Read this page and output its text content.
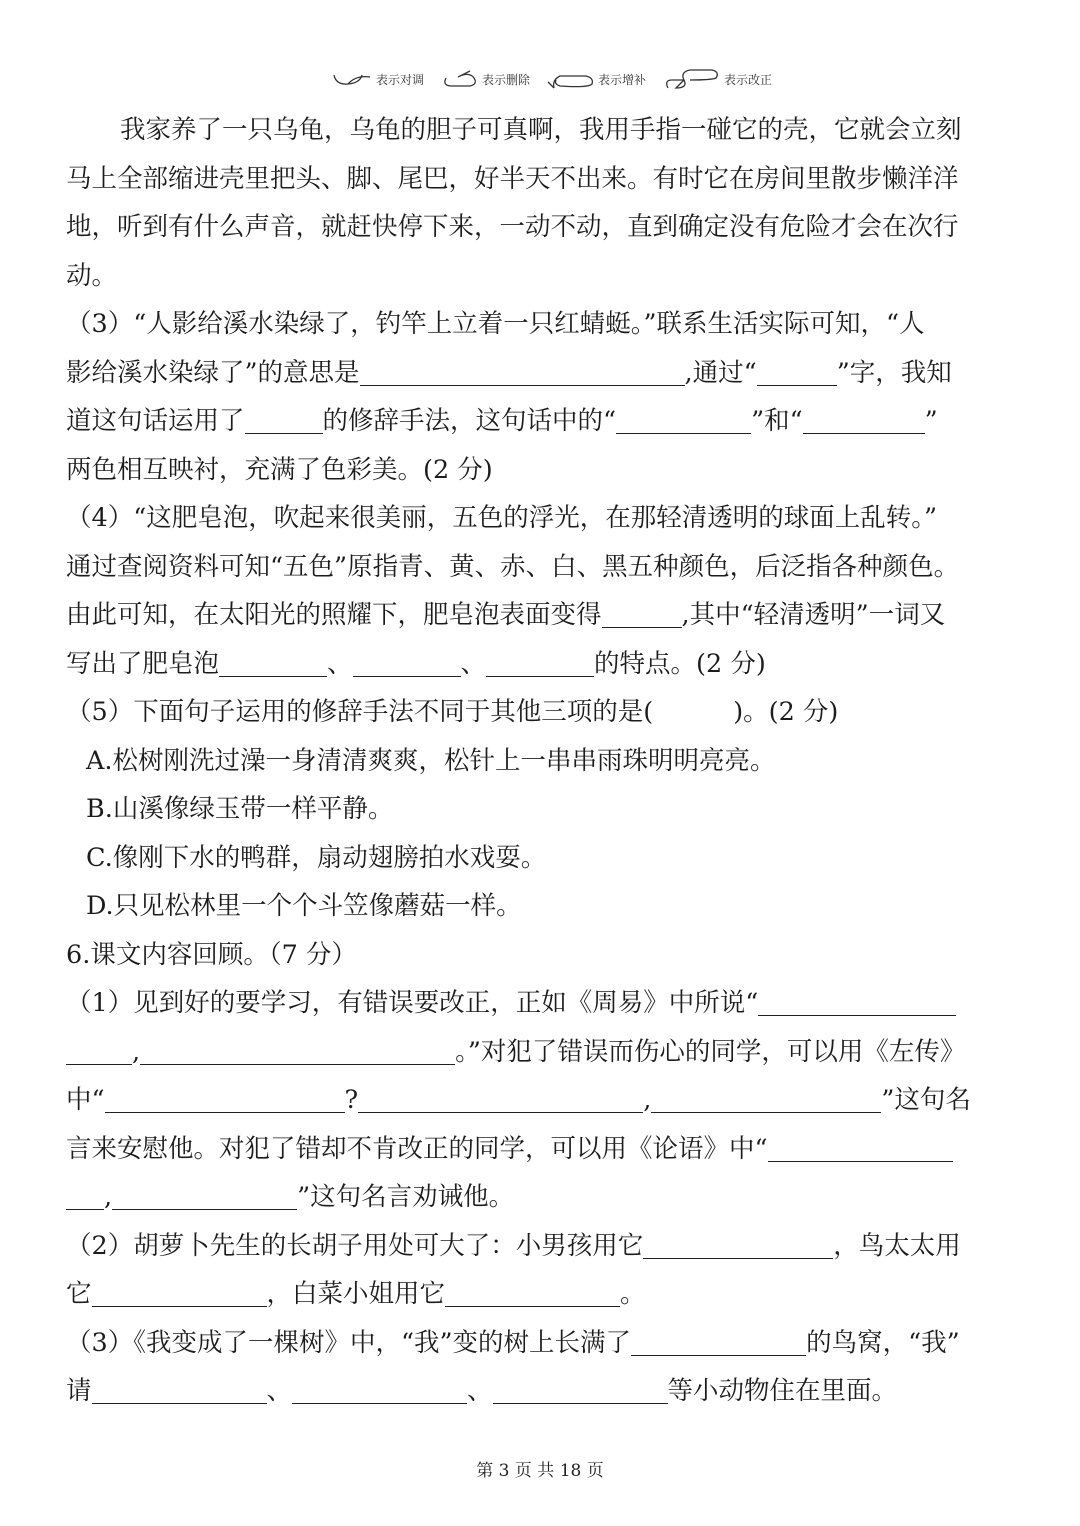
表示对调	表示删除	表示增补	表示改正
我家养了一只乌龟，乌龟的胆子可真啊，我用手指一碰它的壳，它就会立刻
马上全部缩进壳里把头、脚、尾巴，好半天不出来。有时它在房间里散步懒洋洋
地，听到有什么声音，就赶快停下来，一动不动，直到确定没有危险才会在次行
动。
（3）“人影给溪水染绿了，钓竿上立着一只红蜻蜓。”联系生活实际可知，“人
影给溪水染绿了”的意思是	,通过“	”字，我知
道这句话运用了	的修辞手法，这句话中的“	”和“	”
两色相互映衬，充满了色彩美。(2 分)
（4）“这肥皂泡，吹起来很美丽，五色的浮光，在那轻清透明的球面上乱转。”
通过查阅资料可知“五色”原指青、黄、赤、白、黑五种颜色，后泛指各种颜色。
由此可知，在太阳光的照耀下，肥皂泡表面变得	,其中“轻清透明”一词又
写出了肥皂泡	、	、	的特点。(2 分)
（5）下面句子运用的修辞手法不同于其他三项的是(	)。(2 分)
A.松树刚洗过澡一身清清爽爽，松针上一串串雨珠明明亮亮。
B.山溪像绿玉带一样平静。
C.像刚下水的鸭群，扇动翅膀拍水戏耍。
D.只见松林里一个个斗笠像蘑菇一样。
6.课文内容回顾。（7 分）
（1）见到好的要学习，有错误要改正，正如《周易》中所说“
,	。”对犯了错误而伤心的同学，可以用《左传》
中“	?	,	”这句名
言来安慰他。对犯了错却不肯改正的同学，可以用《论语》中“
,	”这句名言劝诫他。
（2）胡萝卜先生的长胡子用处可大了：小男孩用它	，鸟太太用
它	，白菜小姐用它	。
（3）《我变成了一棵树》中，“我”变的树上长满了	的鸟窝，“我”
请	、	、	等小动物住在里面。
第 3 页 共 18 页
